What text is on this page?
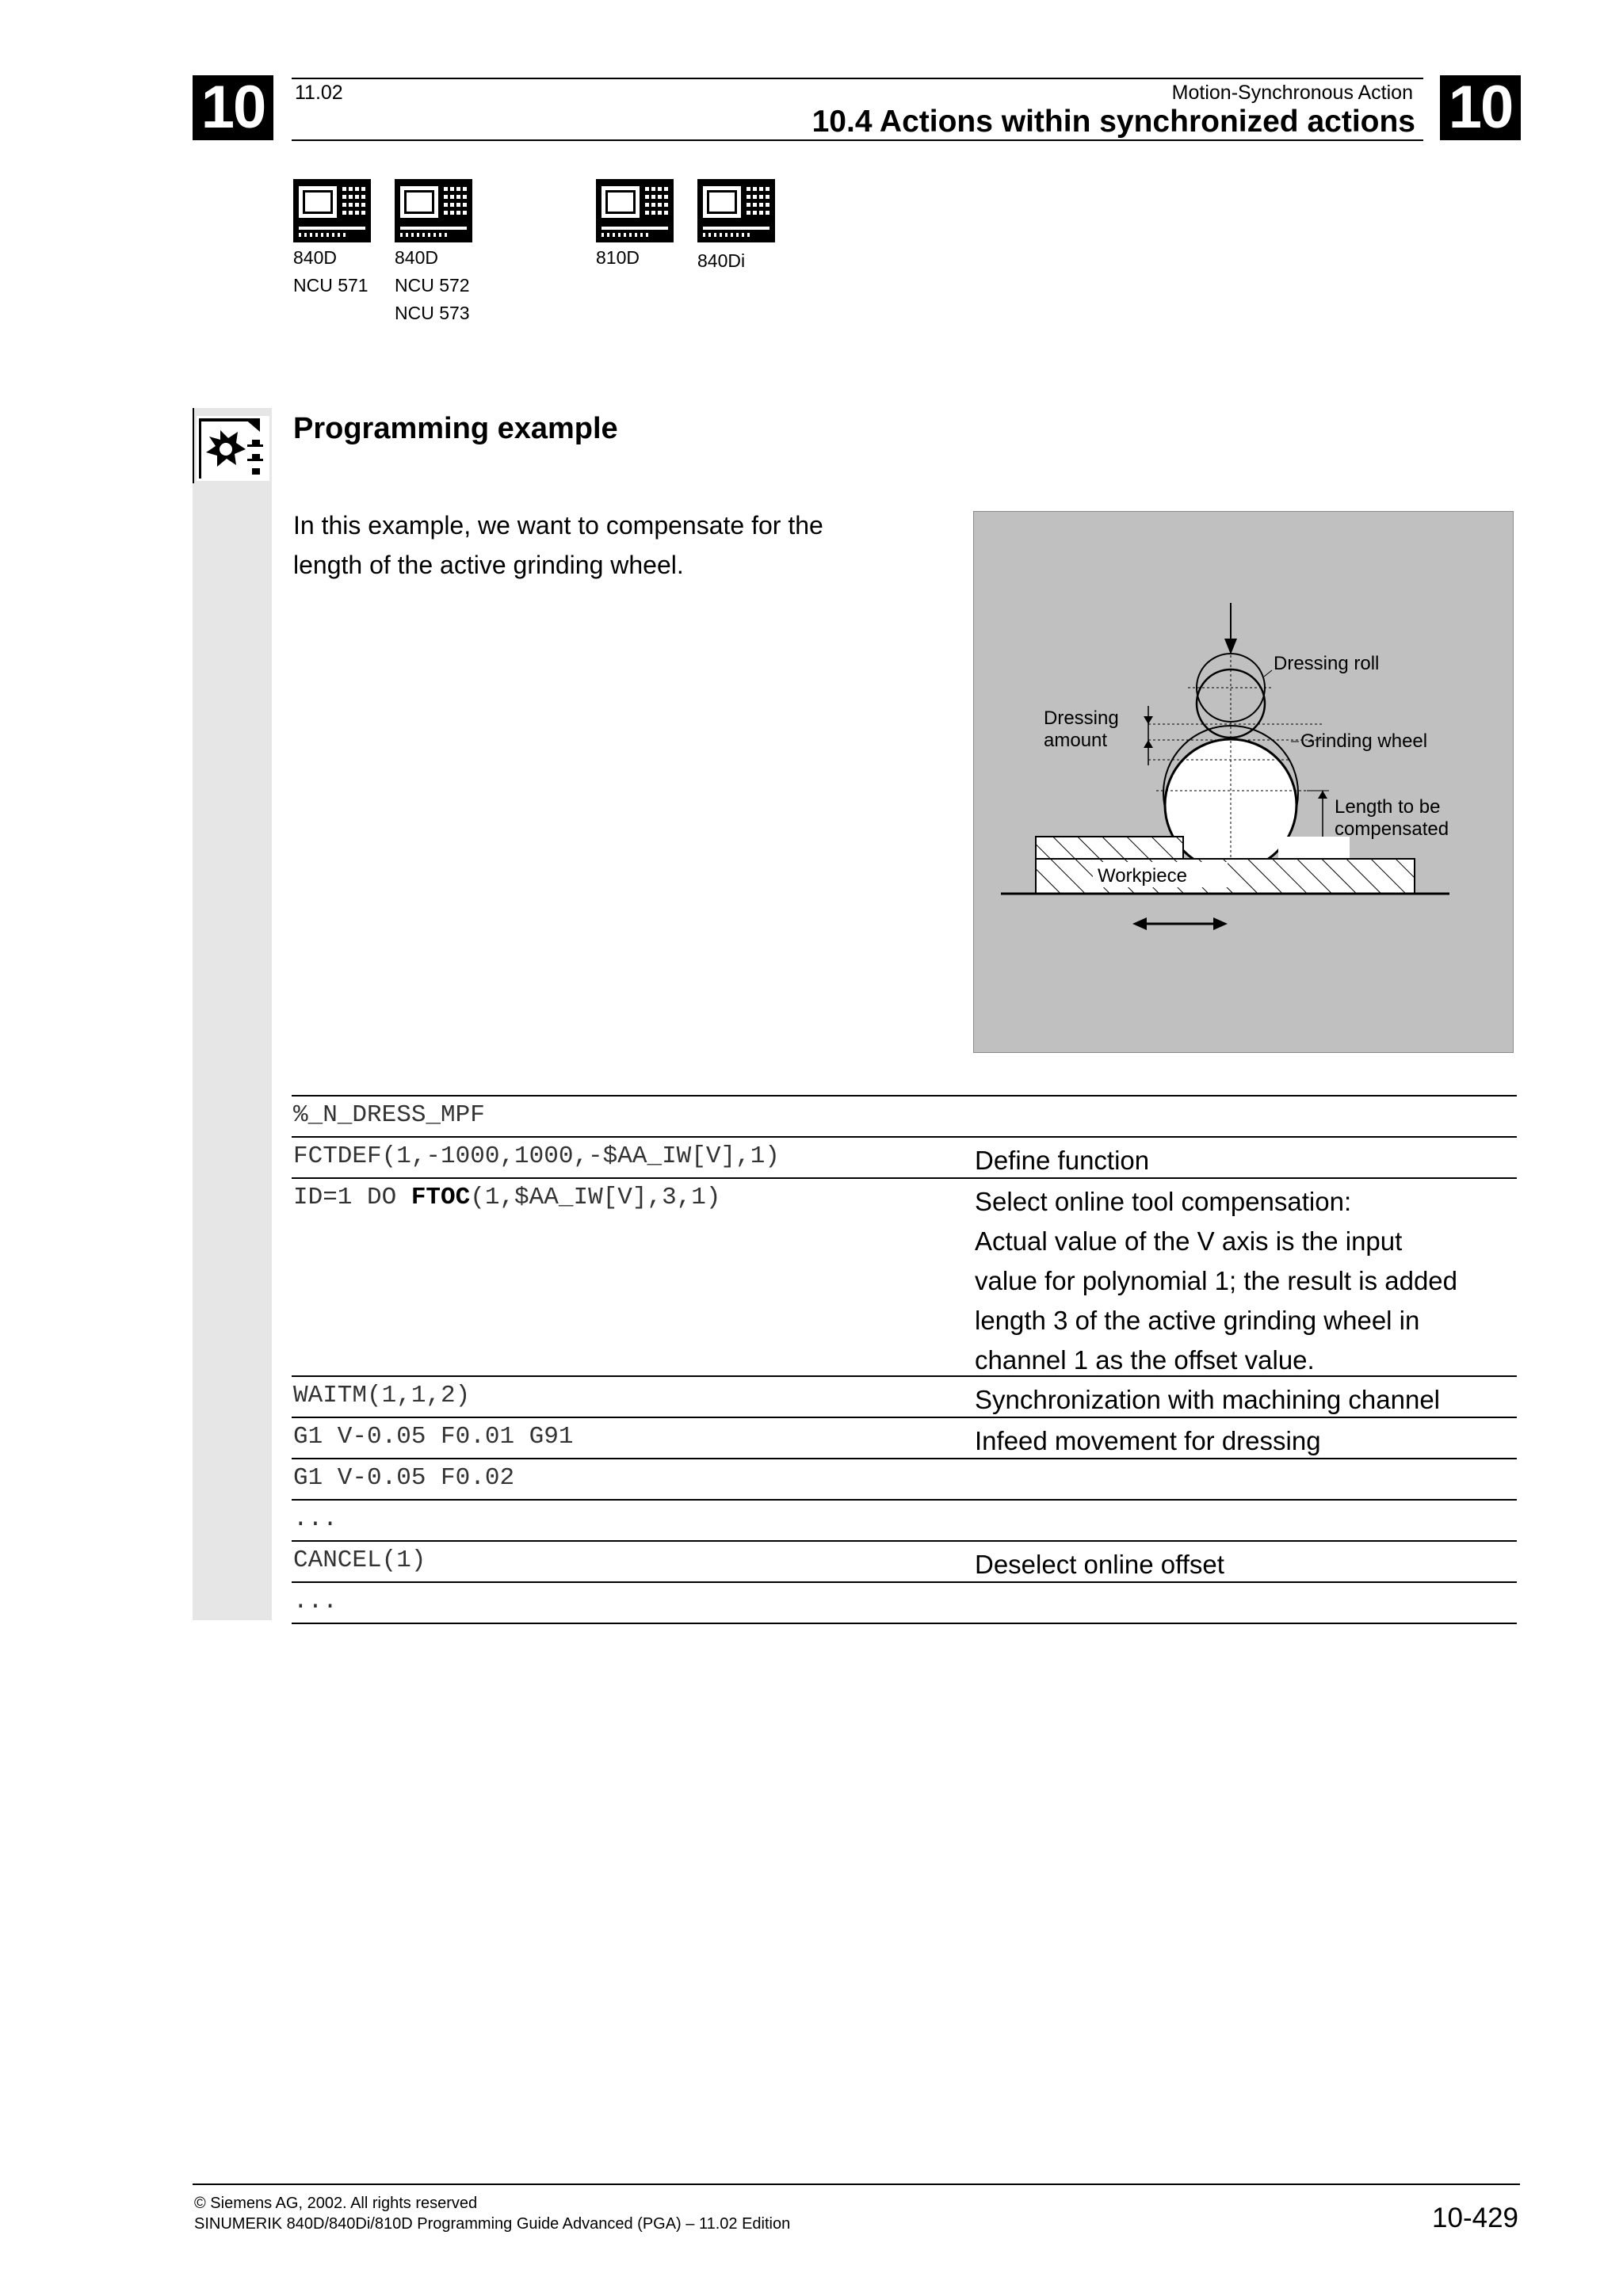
10	10
11.02	Motion-Synchronous Action
10.4 Actions within synchronized actions
840D
NCU 571
840D
NCU 572
NCU 573
810D	840Di
Programming example
In this example, we want to compensate for the
length of the active grinding wheel.
Dressing roll
Dressing
amount	Grinding wheel
Length to be
compensated
Workpiece
%_N_DRESS_MPF
FCTDEF(1,-1000,1000,-$AA_IW[V],1)	Define function
ID=1 DO FTOC(1,$AA_IW[V],3,1)	Select online tool compensation:
Actual value of the V axis is the input
value for polynomial 1; the result is added
length 3 of the active grinding wheel in
channel 1 as the offset value.
WAITM(1,1,2)	Synchronization with machining channel
G1 V-0.05 F0.01 G91	Infeed movement for dressing
G1 V-0.05 F0.02
...
CANCEL(1)	Deselect online offset
...
© Siemens AG, 2002. All rights reserved
SINUMERIK 840D/840Di/810D Programming Guide Advanced (PGA) – 11.02 Edition	10-429
